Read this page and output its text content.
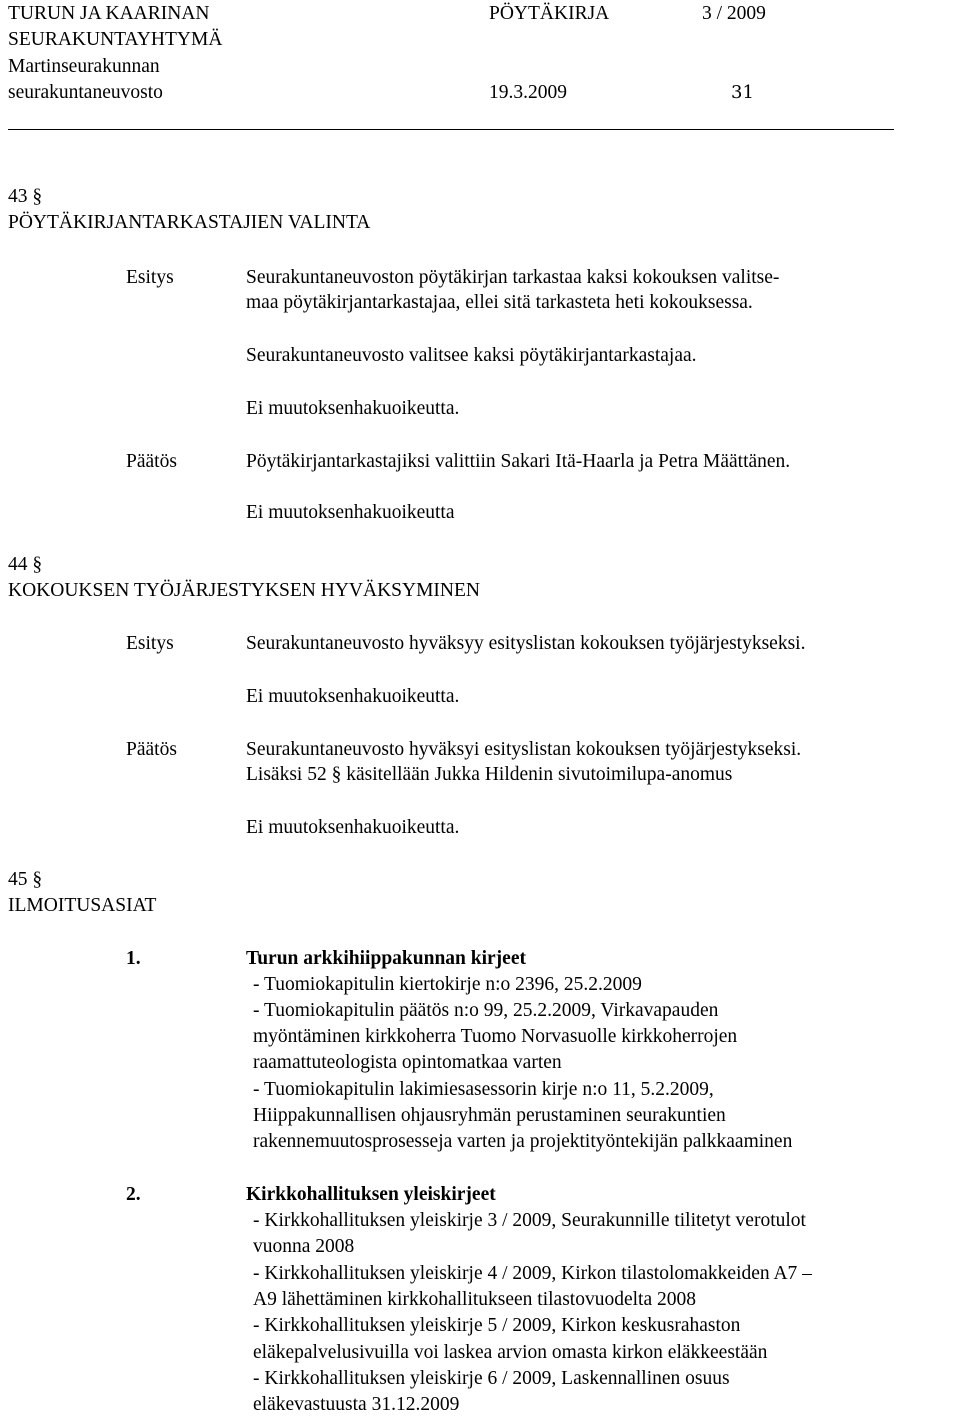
TURUN JA KAARINAN
SEURAKUNTAYHTYMÄ
Martinseurakunnan
seurakuntaneuvosto
PÖYTÄKIRJA	3 / 2009
19.3.2009	31
43 §
PÖYTÄKIRJANTARKASTAJIEN VALINTA
Esitys	Seurakuntaneuvoston pöytäkirjan tarkastaa kaksi kokouksen valitse-
maa pöytäkirjantarkastajaa, ellei sitä tarkasteta heti kokouksessa.
Seurakuntaneuvosto valitsee kaksi pöytäkirjantarkastajaa.
Ei muutoksenhakuoikeutta.
Päätös	Pöytäkirjantarkastajiksi valittiin Sakari Itä-Haarla ja Petra Määttänen.
Ei muutoksenhakuoikeutta
44 §
KOKOUKSEN TYÖJÄRJESTYKSEN HYVÄKSYMINEN
Esitys	Seurakuntaneuvosto hyväksyy esityslistan kokouksen työjärjestykseksi.
Ei muutoksenhakuoikeutta.
Päätös	Seurakuntaneuvosto hyväksyi esityslistan kokouksen työjärjestykseksi.
Lisäksi 52 § käsitellään Jukka Hildenin sivutoimilupa-anomus
Ei muutoksenhakuoikeutta.
45 §
ILMOITUSASIAT
1.	Turun arkkihiippakunnan kirjeet
- Tuomiokapitulin kiertokirje n:o 2396, 25.2.2009
- Tuomiokapitulin päätös n:o 99, 25.2.2009, Virkavapauden
myöntäminen kirkkoherra Tuomo Norvasuolle kirkkoherrojen
raamattuteologista opintomatkaa varten
- Tuomiokapitulin lakimiesasessorin kirje n:o 11, 5.2.2009,
Hiippakunnallisen ohjausryhmän perustaminen seurakuntien
rakennemuutosprosesseja varten ja projektityöntekijän palkkaaminen
2.	Kirkkohallituksen yleiskirjeet
- Kirkkohallituksen yleiskirje 3 / 2009, Seurakunnille tilitetyt verotulot
vuonna 2008
- Kirkkohallituksen yleiskirje 4 / 2009, Kirkon tilastolomakkeiden A7 –
A9 lähettäminen kirkkohallitukseen tilastovuodelta 2008
- Kirkkohallituksen yleiskirje 5 / 2009, Kirkon keskusrahaston
eläkepalvelusivuilla voi laskea arvion omasta kirkon eläkkeestään
- Kirkkohallituksen yleiskirje 6 / 2009, Laskennallinen osuus
eläkevastuusta 31.12.2009
